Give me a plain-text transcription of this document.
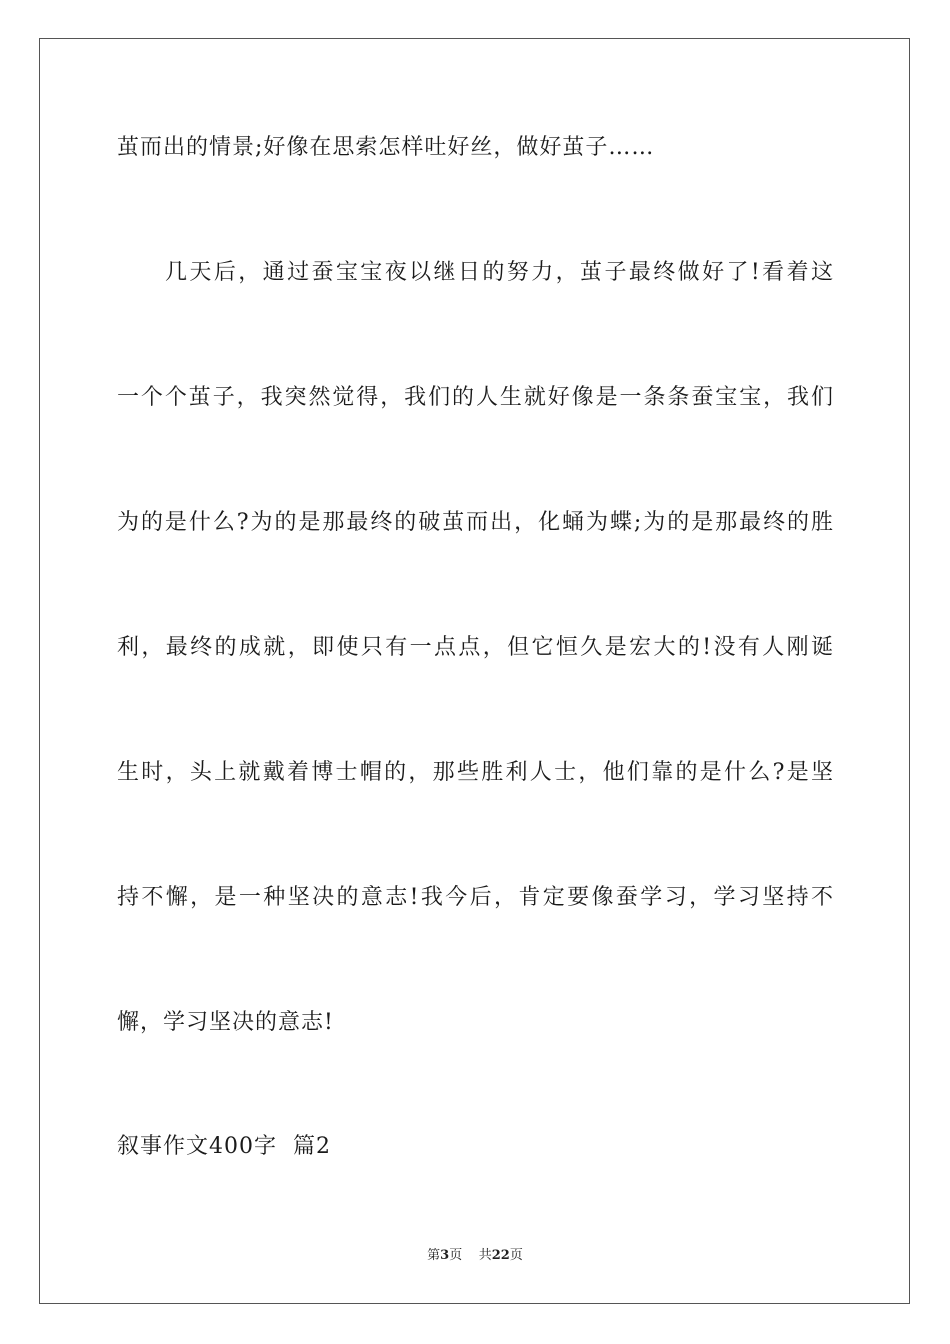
茧而出的情景;好像在思索怎样吐好丝，做好茧子……
几天后，通过蚕宝宝夜以继日的努力，茧子最终做好了!看着这
一个个茧子，我突然觉得，我们的人生就好像是一条条蚕宝宝，我们
为的是什么?为的是那最终的破茧而出，化蛹为蝶;为的是那最终的胜
利，最终的成就，即使只有一点点，但它恒久是宏大的!没有人刚诞
生时，头上就戴着博士帽的，那些胜利人士，他们靠的是什么?是坚
持不懈，是一种坚决的意志!我今后，肯定要像蚕学习，学习坚持不
懈，学习坚决的意志!
叙事作文400字  篇2
第3页 共22页
